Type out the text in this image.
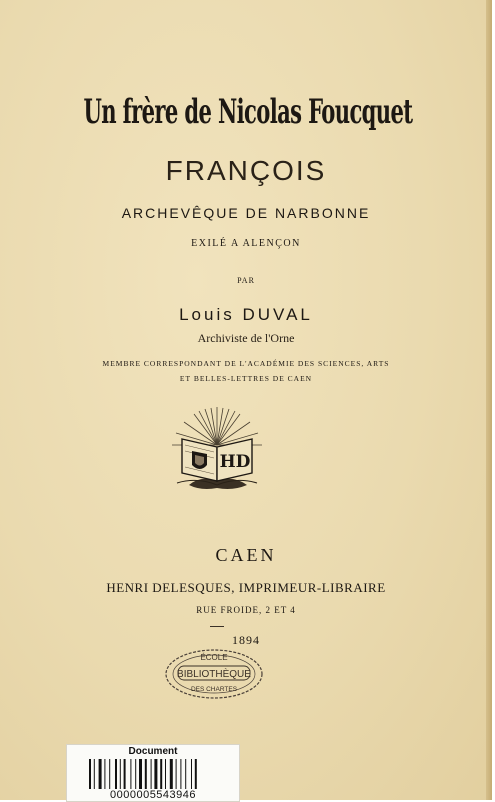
Un frère de Nicolas Foucquet
FRANÇOIS
ARCHEVÊQUE DE NARBONNE
EXILÉ A ALENÇON
PAR
Louis DUVAL
Archiviste de l'Orne
MEMBRE CORRESPONDANT DE L'ACADÉMIE DES SCIENCES, ARTS
ET BELLES-LETTRES DE CAEN
HD
CAEN
HENRI DELESQUES, IMPRIMEUR-LIBRAIRE
RUE FROIDE, 2 ET 4
1894
ÉCOLE
BIBLIOTHÈQUE
DES CHARTES
Document
0000005543946
